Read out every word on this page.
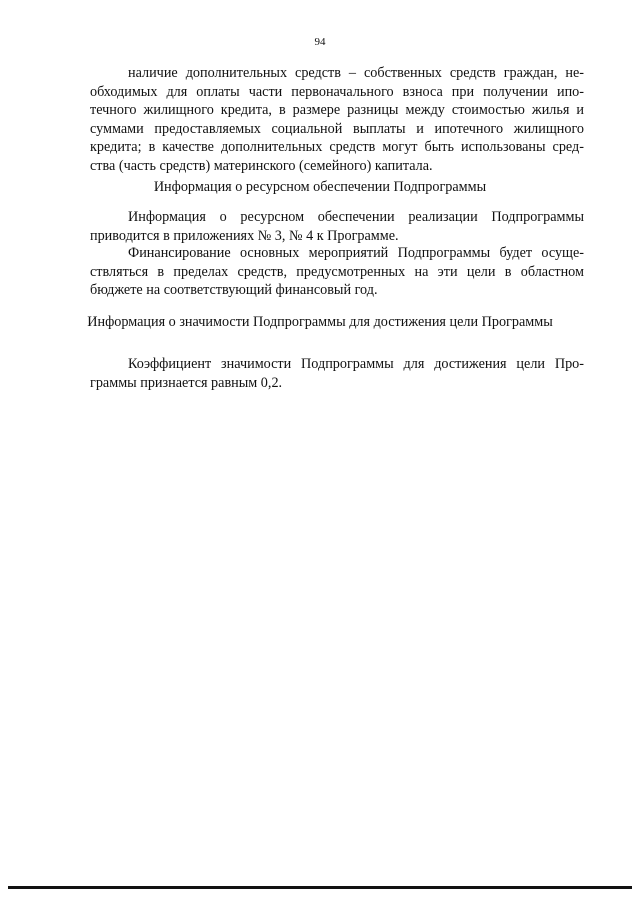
94
наличие дополнительных средств – собственных средств граждан, не-
обходимых для оплаты части первоначального взноса при получении ипо-
течного жилищного кредита, в размере разницы между стоимостью жилья и
суммами предоставляемых социальной выплаты и ипотечного жилищного
кредита; в качестве дополнительных средств могут быть использованы сред-
ства (часть средств) материнского (семейного) капитала.
Информация о ресурсном обеспечении Подпрограммы
Информация о ресурсном обеспечении реализации Подпрограммы
приводится в приложениях № 3, № 4 к Программе.
Финансирование основных мероприятий Подпрограммы будет осуще-
ствляться в пределах средств, предусмотренных на эти цели в областном
бюджете на соответствующий финансовый год.
Информация о значимости Подпрограммы для достижения цели Программы
Коэффициент значимости Подпрограммы для достижения цели Про-
граммы признается равным 0,2.
